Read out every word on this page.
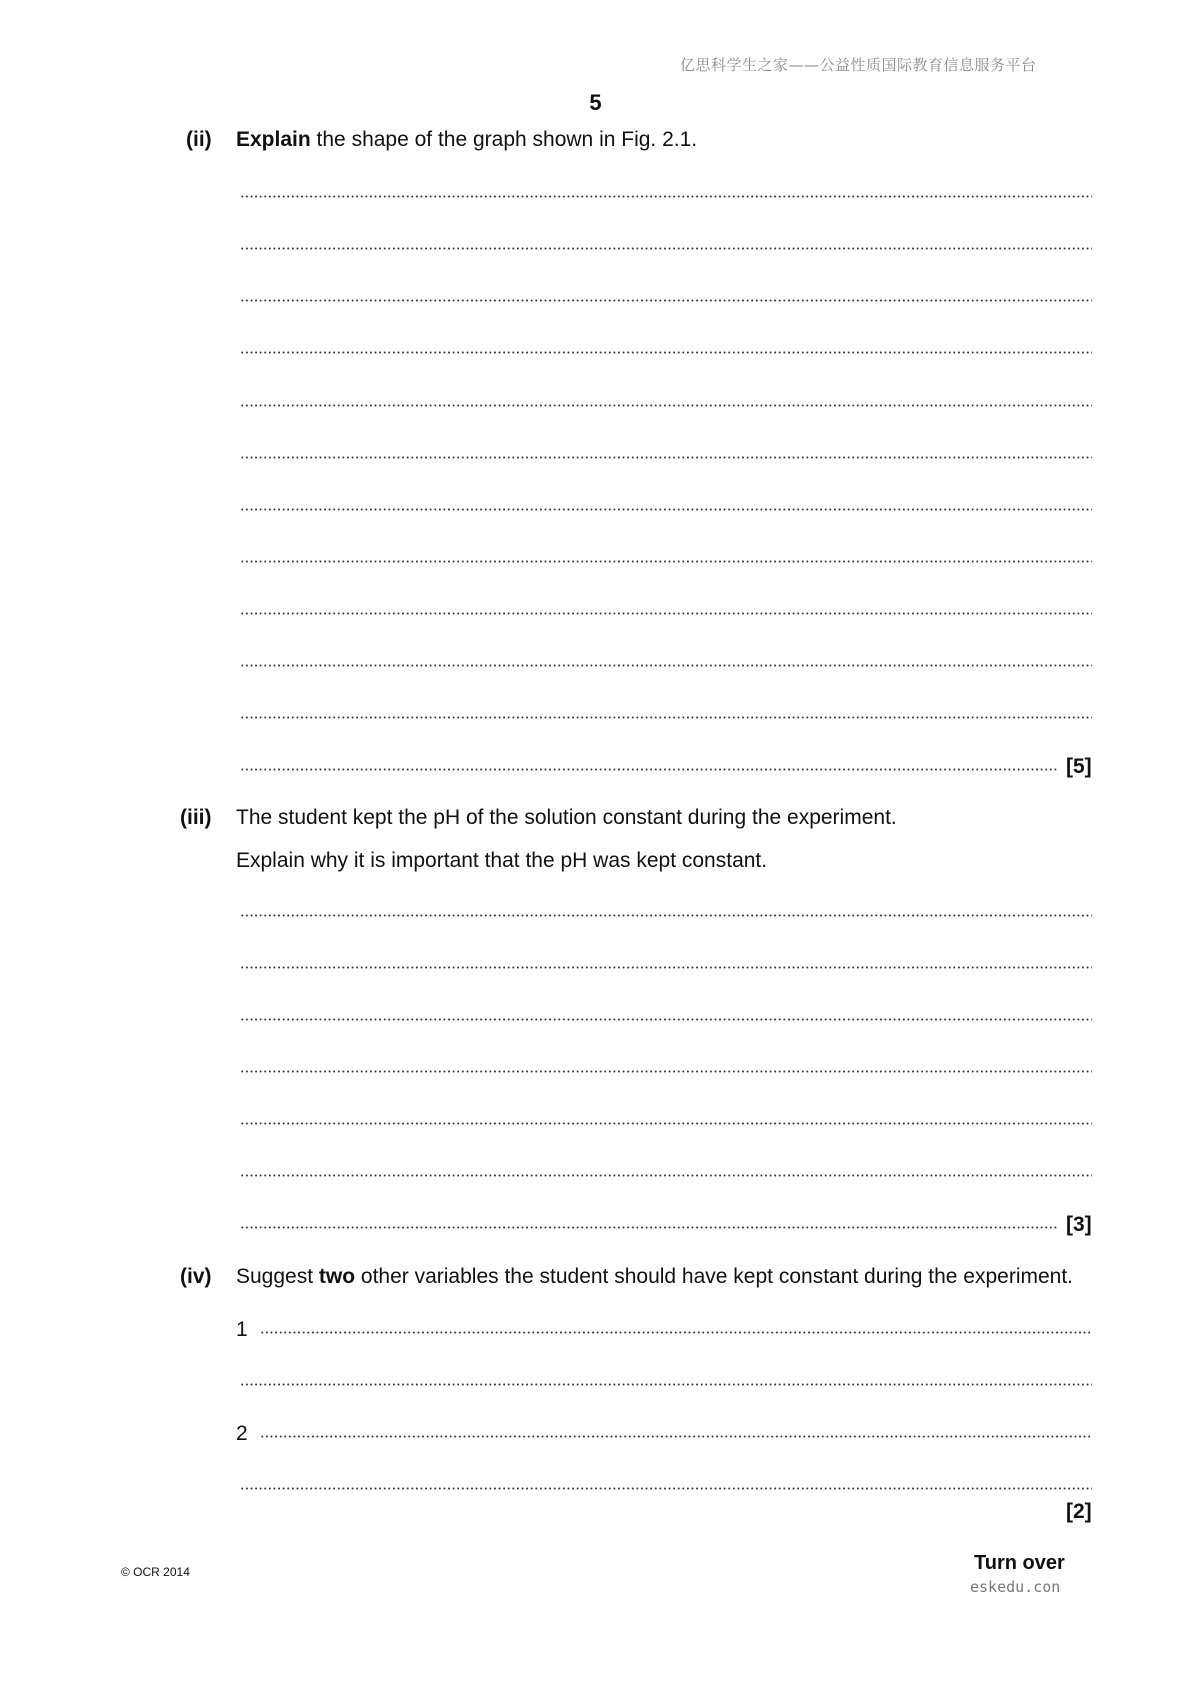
亿思科学生之家——公益性质国际教育信息服务平台
5
(ii) Explain the shape of the graph shown in Fig. 2.1.
[5]
(iii) The student kept the pH of the solution constant during the experiment.
Explain why it is important that the pH was kept constant.
[3]
(iv) Suggest two other variables the student should have kept constant during the experiment.
1
2
[2]
© OCR 2014	Turn over
eskedu.con
